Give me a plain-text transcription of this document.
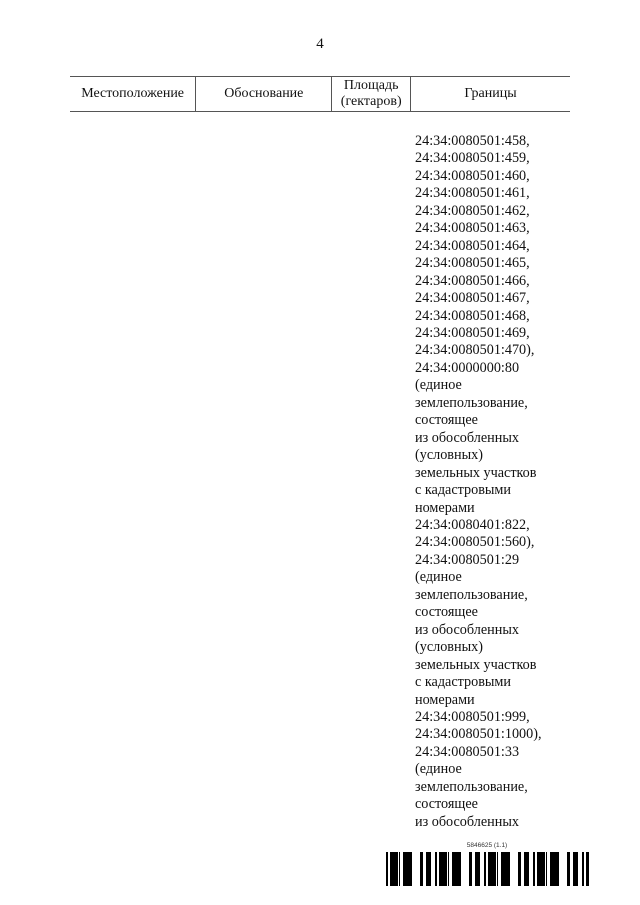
4
Местоположение	Обоснование
Площадь
(гектаров)
Границы
24:34:0080501:458,
24:34:0080501:459,
24:34:0080501:460,
24:34:0080501:461,
24:34:0080501:462,
24:34:0080501:463,
24:34:0080501:464,
24:34:0080501:465,
24:34:0080501:466,
24:34:0080501:467,
24:34:0080501:468,
24:34:0080501:469,
24:34:0080501:470),
24:34:0000000:80
(единое
землепользование,
состоящее
из обособленных
(условных)
земельных участков
с кадастровыми
номерами
24:34:0080401:822,
24:34:0080501:560),
24:34:0080501:29
(единое
землепользование,
состоящее
из обособленных
(условных)
земельных участков
с кадастровыми
номерами
24:34:0080501:999,
24:34:0080501:1000),
24:34:0080501:33
(единое
землепользование,
состоящее
из обособленных
5846625 (1.1)
